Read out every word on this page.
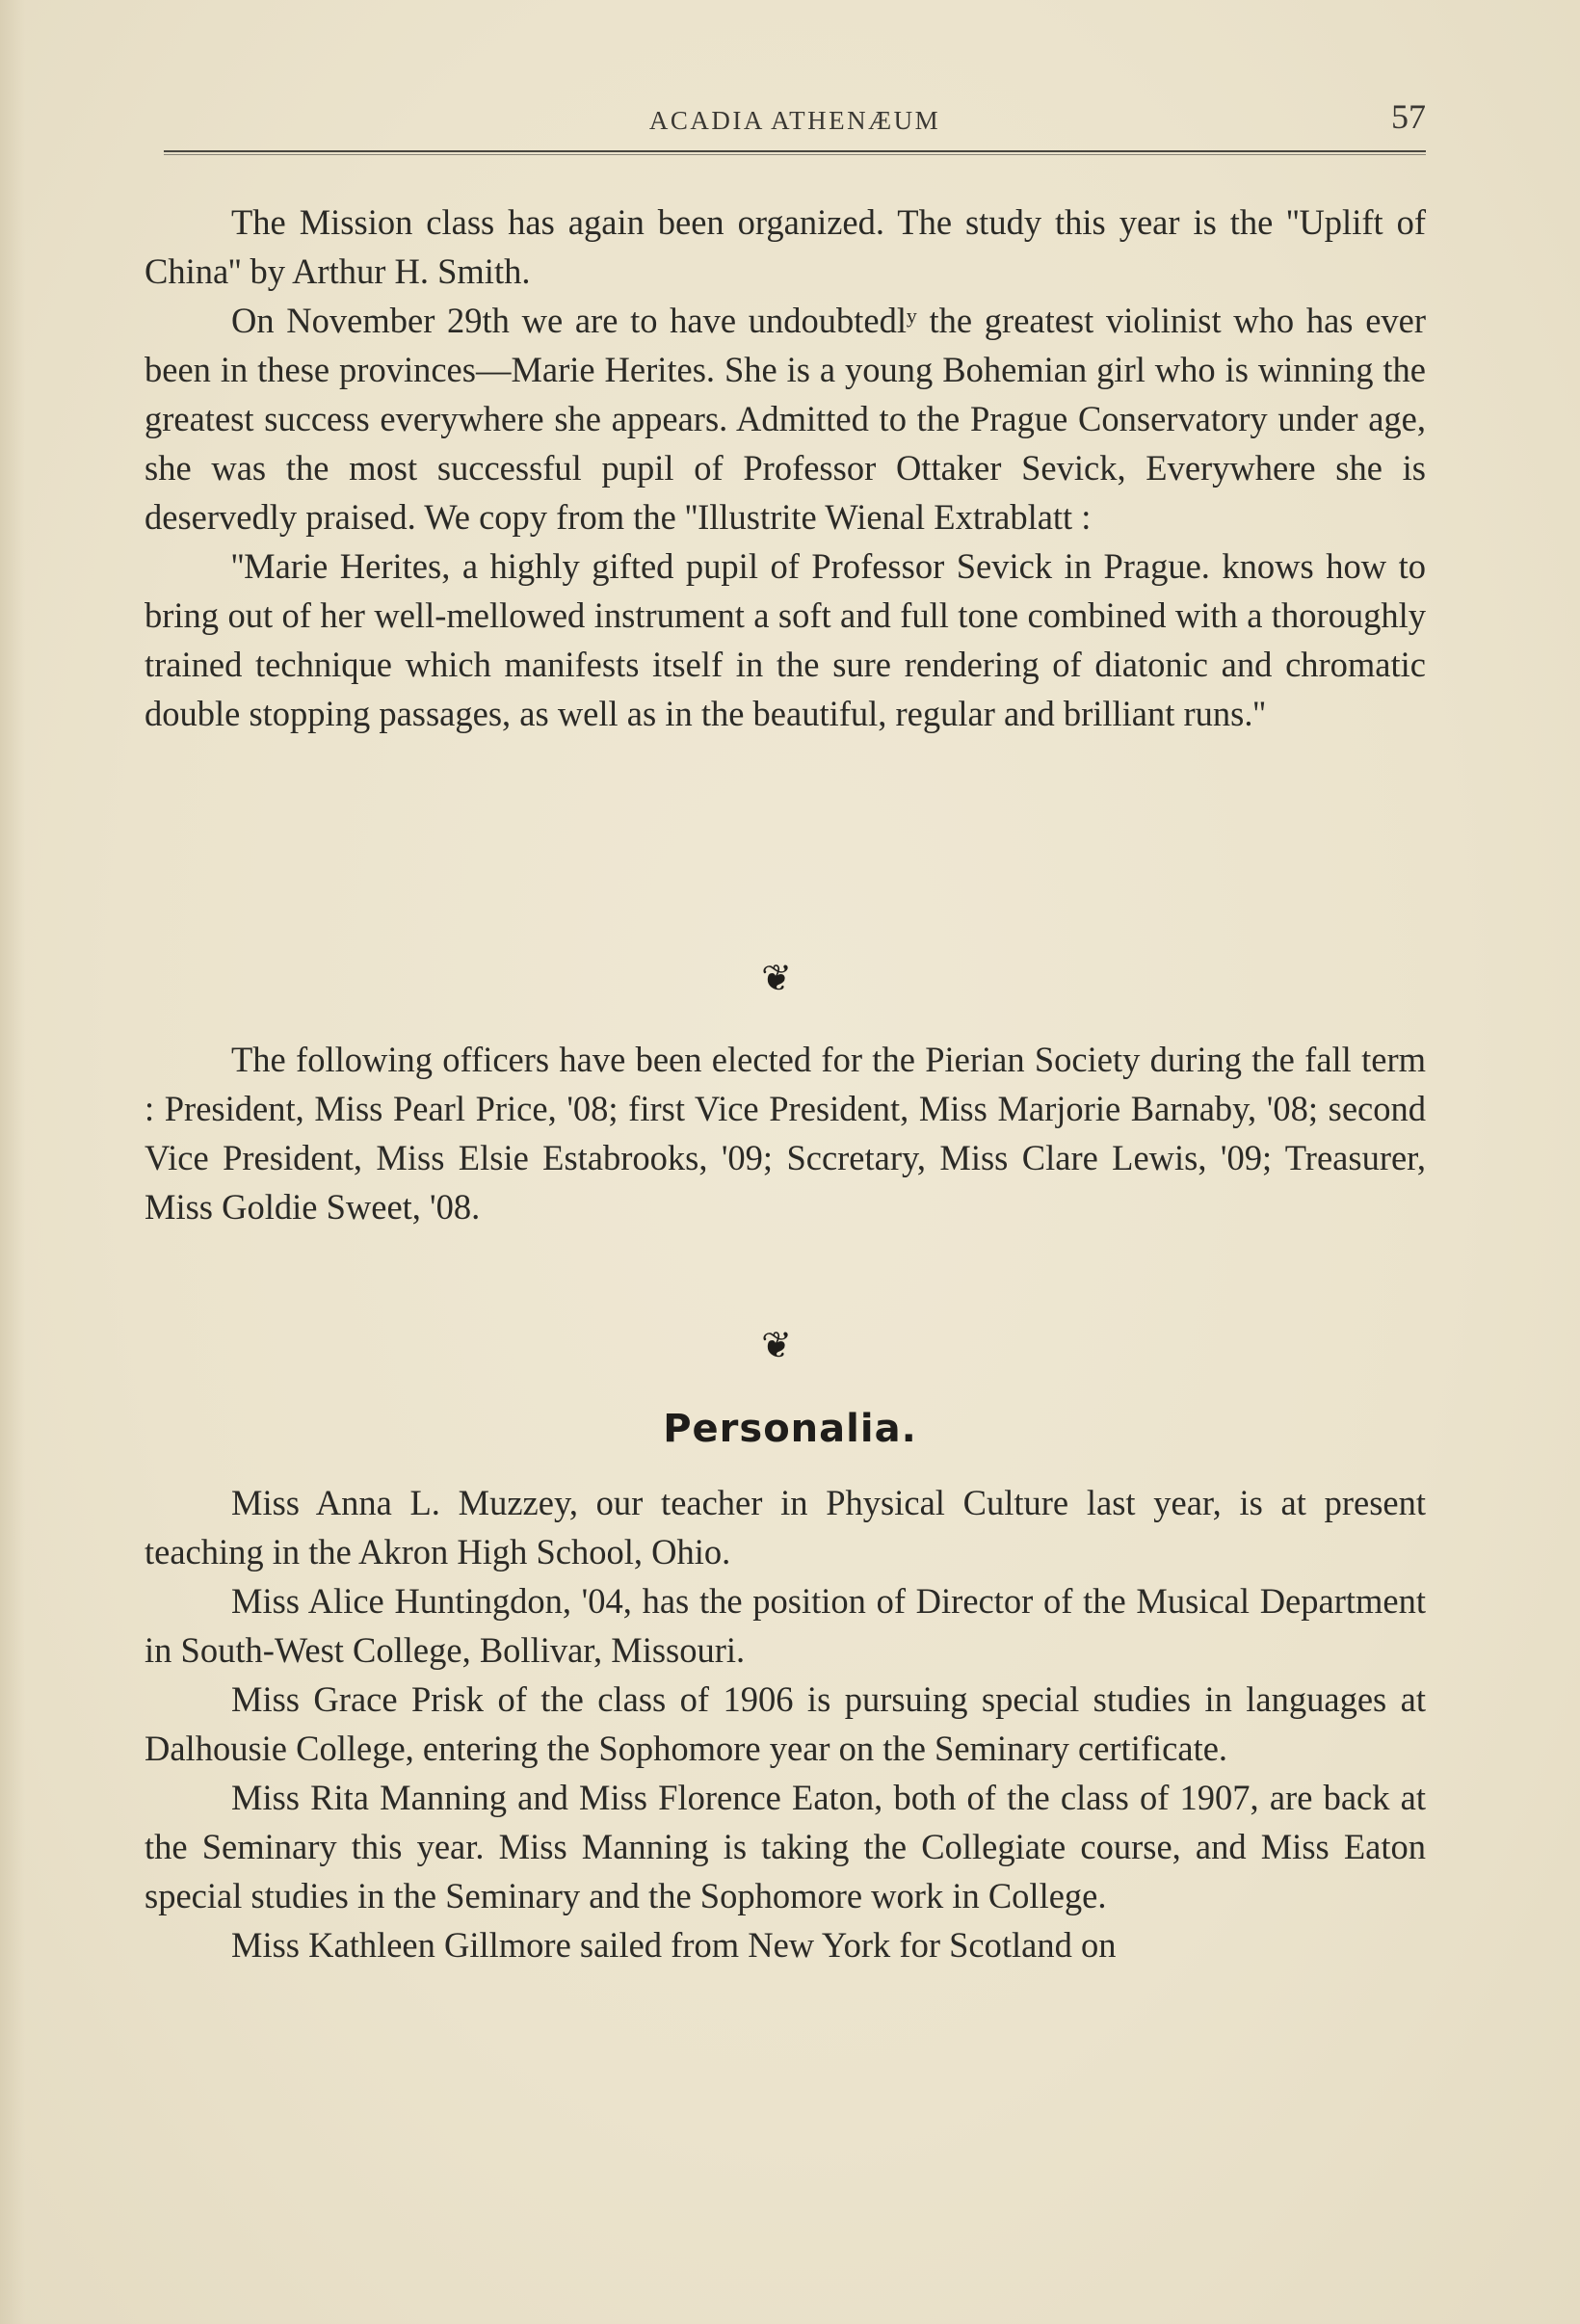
ACADIA ATHENÆUM	57

The Mission class has again been organized. The study this year is the ''Uplift of China'' by Arthur H. Smith.

On November 29th we are to have undoubtedlʸ the greatest violinist who has ever been in these provinces—Marie Herites. She is a young Bohemian girl who is winning the greatest success everywhere she appears. Admitted to the Prague Conservatory under age, she was the most successful pupil of Professor Ottaker Sevick, Everywhere she is deservedly praised. We copy from the ''Illustrite Wienal Extrablatt :

''Marie Herites, a highly gifted pupil of Professor Sevick in Prague. knows how to bring out of her well-mellowed instrument a soft and full tone combined with a thoroughly trained technique which manifests itself in the sure rendering of diatonic and chromatic double stopping passages, as well as in the beautiful, regular and brilliant runs.''

❦

The following officers have been elected for the Pierian Society during the fall term : President, Miss Pearl Price, '08; first Vice President, Miss Marjorie Barnaby, '08; second Vice President, Miss Elsie Estabrooks, '09; Sccretary, Miss Clare Lewis, '09; Treasurer, Miss Goldie Sweet, '08.

❦
Personalia.

Miss Anna L. Muzzey, our teacher in Physical Culture last year, is at present teaching in the Akron High School, Ohio.

Miss Alice Huntingdon, '04, has the position of Director of the Musical Department in South-West College, Bollivar, Missouri.

Miss Grace Prisk of the class of 1906 is pursuing special studies in languages at Dalhousie College, entering the Sophomore year on the Seminary certificate.

Miss Rita Manning and Miss Florence Eaton, both of the class of 1907, are back at the Seminary this year. Miss Manning is taking the Collegiate course, and Miss Eaton special studies in the Seminary and the Sophomore work in College.

Miss Kathleen Gillmore sailed from New York for Scotland on
